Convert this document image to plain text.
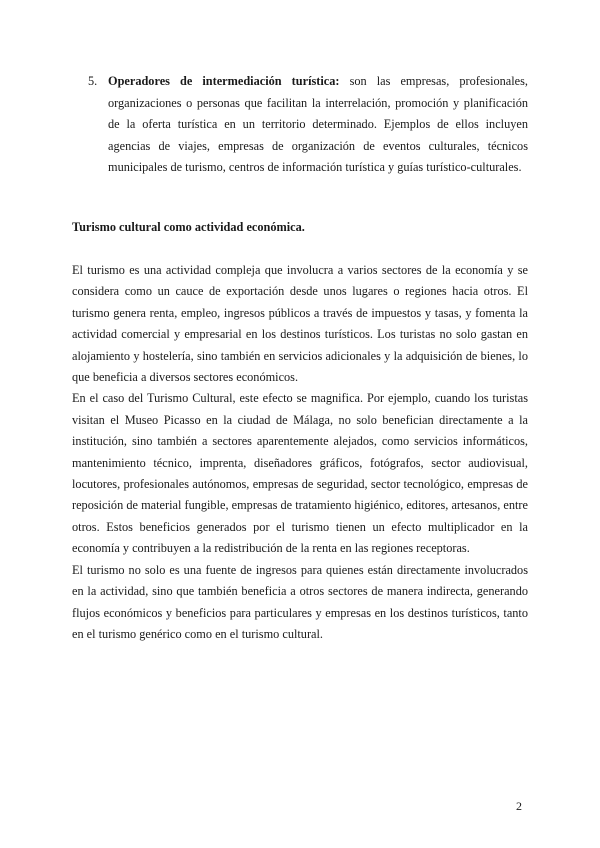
5. Operadores de intermediación turística: son las empresas, profesionales, organizaciones o personas que facilitan la interrelación, promoción y planificación de la oferta turística en un territorio determinado. Ejemplos de ellos incluyen agencias de viajes, empresas de organización de eventos culturales, técnicos municipales de turismo, centros de información turística y guías turístico-culturales.
Turismo cultural como actividad económica.

El turismo es una actividad compleja que involucra a varios sectores de la economía y se considera como un cauce de exportación desde unos lugares o regiones hacia otros. El turismo genera renta, empleo, ingresos públicos a través de impuestos y tasas, y fomenta la actividad comercial y empresarial en los destinos turísticos. Los turistas no solo gastan en alojamiento y hostelería, sino también en servicios adicionales y la adquisición de bienes, lo que beneficia a diversos sectores económicos.

En el caso del Turismo Cultural, este efecto se magnifica. Por ejemplo, cuando los turistas visitan el Museo Picasso en la ciudad de Málaga, no solo benefician directamente a la institución, sino también a sectores aparentemente alejados, como servicios informáticos, mantenimiento técnico, imprenta, diseñadores gráficos, fotógrafos, sector audiovisual, locutores, profesionales autónomos, empresas de seguridad, sector tecnológico, empresas de reposición de material fungible, empresas de tratamiento higiénico, editores, artesanos, entre otros. Estos beneficios generados por el turismo tienen un efecto multiplicador en la economía y contribuyen a la redistribución de la renta en las regiones receptoras.

El turismo no solo es una fuente de ingresos para quienes están directamente involucrados en la actividad, sino que también beneficia a otros sectores de manera indirecta, generando flujos económicos y beneficios para particulares y empresas en los destinos turísticos, tanto en el turismo genérico como en el turismo cultural.

2
